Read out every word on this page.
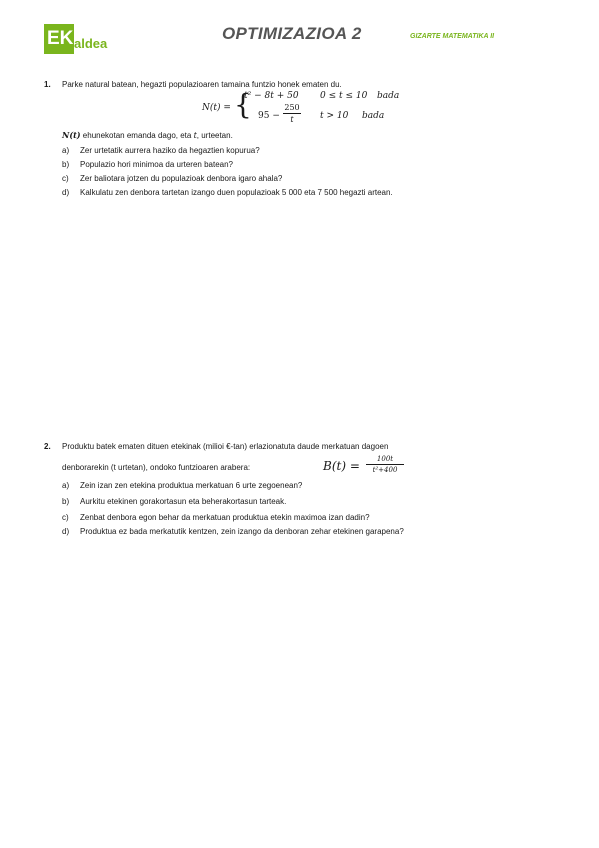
EKI
aldea
OPTIMIZAZIOA 2	GIZARTE MATEMATIKA II
1. Parke natural batean, hegazti populazioaren tamaina funtzio honek ematen du.
N(t) = {
t² − 8t + 50 0 ≤ t ≤ 10 bada
95 −
250
t	t > 10 bada
N(t) ehunekotan emanda dago, eta t, urteetan.
a) Zer urtetatik aurrera haziko da hegaztien kopurua?
b) Populazio hori minimoa da urteren batean?
c) Zer baliotara jotzen du populazioak denbora igaro ahala?
d) Kalkulatu zen denbora tartetan izango duen populazioak 5 000 eta 7 500 hegazti artean.
2. Produktu batek ematen dituen etekinak (milioi €-tan) erlazionatuta daude merkatuan dagoen
denborarekin (t urtetan), ondoko funtzioaren arabera:	B(t) =	100t
t²+400
a) Zein izan zen etekina produktua merkatuan 6 urte zegoenean?
b) Aurkitu etekinen gorakortasun eta beherakortasun tarteak.
c) Zenbat denbora egon behar da merkatuan produktua etekin maximoa izan dadin?
d) Produktua ez bada merkatutik kentzen, zein izango da denboran zehar etekinen garapena?
